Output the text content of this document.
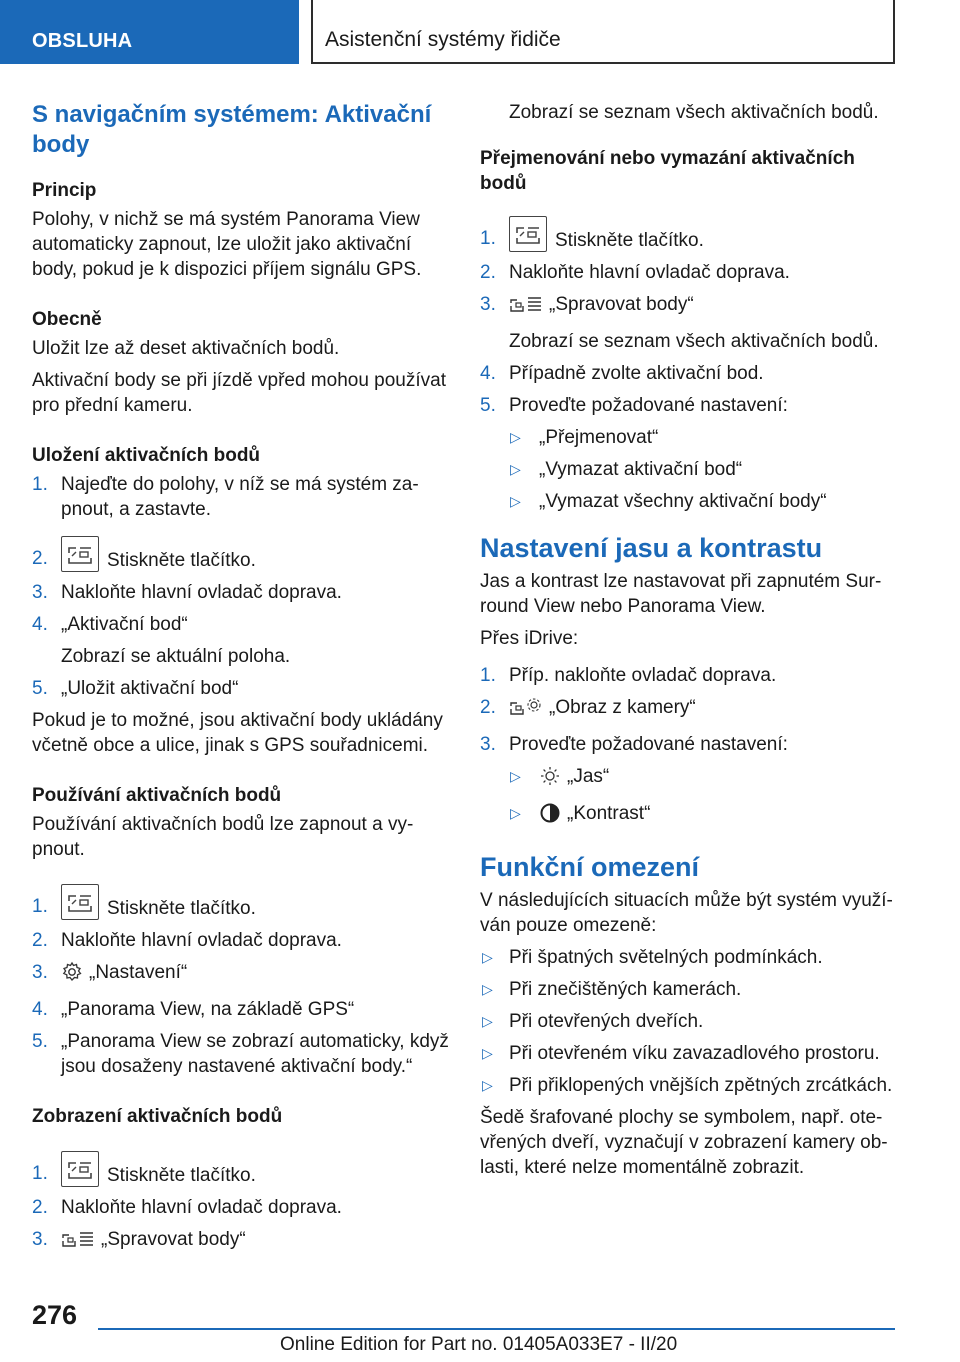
OBSLUHA	Asistenční systémy řidiče
S navigačním systémem: Aktivační body
Princip

Polohy, v nichž se má systém Panorama View automaticky zapnout, lze uložit jako aktivační body, pokud je k dispozici příjem signálu GPS.

Obecně

Uložit lze až deset aktivačních bodů.

Aktivační body se při jízdě vpřed mohou používat pro přední kameru.

Uložení aktivačních bodů
1. Najeďte do polohy, v níž se má systém za-pnout, a zastavte.
2.	Stiskněte tlačítko.
3. Nakloňte hlavní ovladač doprava.
4. „Aktivační bod“
Zobrazí se aktuální poloha.
5. „Uložit aktivační bod“

Pokud je to možné, jsou aktivační body ukládány včetně obce a ulice, jinak s GPS souřadnicemi.

Používání aktivačních bodů

Používání aktivačních bodů lze zapnout a vy-pnout.

1.	Stiskněte tlačítko.
2. Nakloňte hlavní ovladač doprava.
3. „Nastavení“
4. „Panorama View, na základě GPS“
5. „Panorama View se zobrazí automaticky, když jsou dosaženy nastavené aktivační body.“
Zobrazení aktivačních bodů
1.	Stiskněte tlačítko.
2. Nakloňte hlavní ovladač doprava.
3.	„Spravovat body“
Zobrazí se seznam všech aktivačních bodů.
Přejmenování nebo vymazání aktivačních bodů
1.	Stiskněte tlačítko.
2. Nakloňte hlavní ovladač doprava.
3.	„Spravovat body“
Zobrazí se seznam všech aktivačních bodů.
4. Případně zvolte aktivační bod.
5. Proveďte požadované nastavení:
▷ „Přejmenovat“
▷ „Vymazat aktivační bod“
▷ „Vymazat všechny aktivační body“
Nastavení jasu a kontrastu

Jas a kontrast lze nastavovat při zapnutém Sur-round View nebo Panorama View.

Přes iDrive:

1. Příp. nakloňte ovladač doprava.
2.	„Obraz z kamery“
3. Proveďte požadované nastavení:
▷ „Jas“
▷ „Kontrast“
Funkční omezení

V následujících situacích může být systém využí-ván pouze omezeně:

▷ Při špatných světelných podmínkách.
▷ Při znečištěných kamerách.
▷ Při otevřených dveřích.
▷ Při otevřeném víku zavazadlového prostoru.
▷ Při přiklopených vnějších zpětných zrcátkách.

Šedě šrafované plochy se symbolem, např. ote-vřených dveří, vyznačují v zobrazení kamery ob-lasti, které nelze momentálně zobrazit.

276
Online Edition for Part no. 01405A033E7 - II/20
